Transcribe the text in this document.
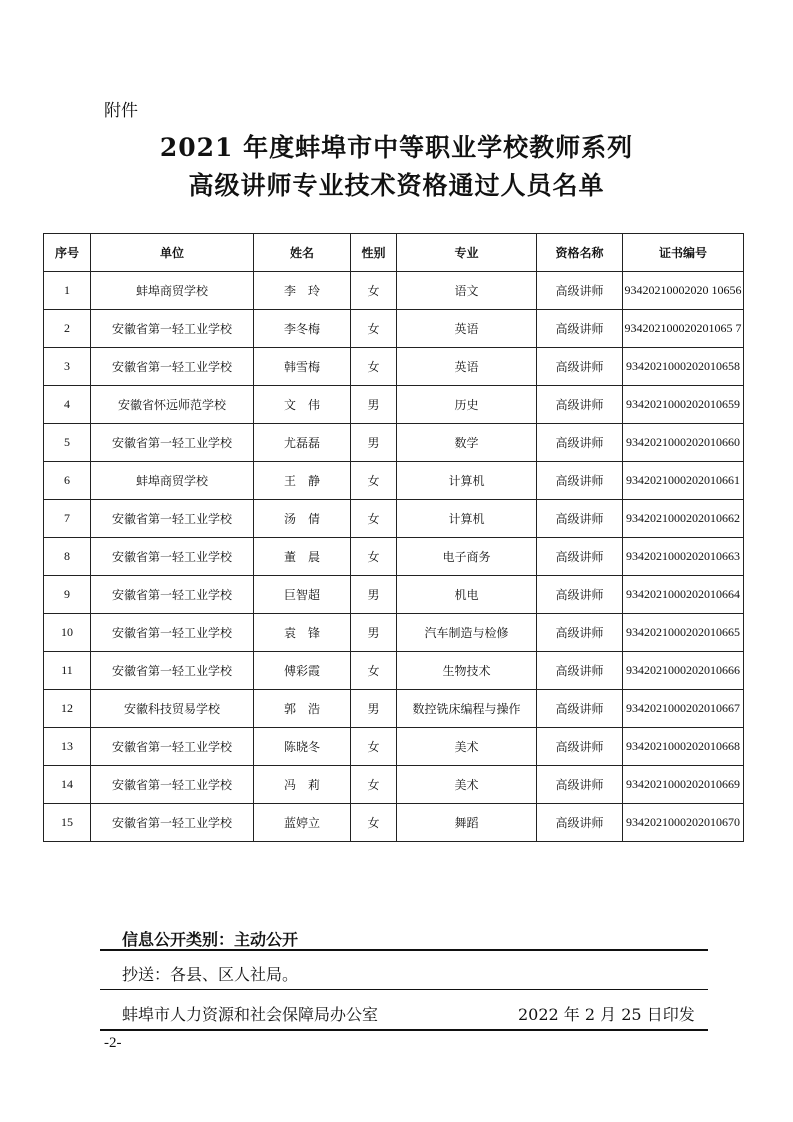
附件
2021 年度蚌埠市中等职业学校教师系列
高级讲师专业技术资格通过人员名单
序号	单位	姓名	性别	专业	资格名称	证书编号
1	蚌埠商贸学校	李　玲	女	语文	高级讲师	93420210002020 10656
2	安徽省第一轻工业学校	李冬梅	女	英语	高级讲师	934202100020201065 7
3	安徽省第一轻工业学校	韩雪梅	女	英语	高级讲师	9342021000202010658
4	安徽省怀远师范学校	文　伟	男	历史	高级讲师	9342021000202010659
5	安徽省第一轻工业学校	尤磊磊	男	数学	高级讲师	9342021000202010660
6	蚌埠商贸学校	王　静	女	计算机	高级讲师	9342021000202010661
7	安徽省第一轻工业学校	汤　倩	女	计算机	高级讲师	9342021000202010662
8	安徽省第一轻工业学校	董　晨	女	电子商务	高级讲师	9342021000202010663
9	安徽省第一轻工业学校	巨智超	男	机电	高级讲师	9342021000202010664
10	安徽省第一轻工业学校	袁　锋	男	汽车制造与检修	高级讲师	9342021000202010665
11	安徽省第一轻工业学校	傅彩霞	女	生物技术	高级讲师	9342021000202010666
12	安徽科技贸易学校	郭　浩	男	数控铣床编程与操作	高级讲师	9342021000202010667
13	安徽省第一轻工业学校	陈晓冬	女	美术	高级讲师	9342021000202010668
14	安徽省第一轻工业学校	冯　莉	女	美术	高级讲师	9342021000202010669
15	安徽省第一轻工业学校	蓝婷立	女	舞蹈	高级讲师	9342021000202010670
信息公开类别：主动公开
抄送：各县、区人社局。
蚌埠市人力资源和社会保障局办公室	2022 年 2 月 25 日印发
-2-
